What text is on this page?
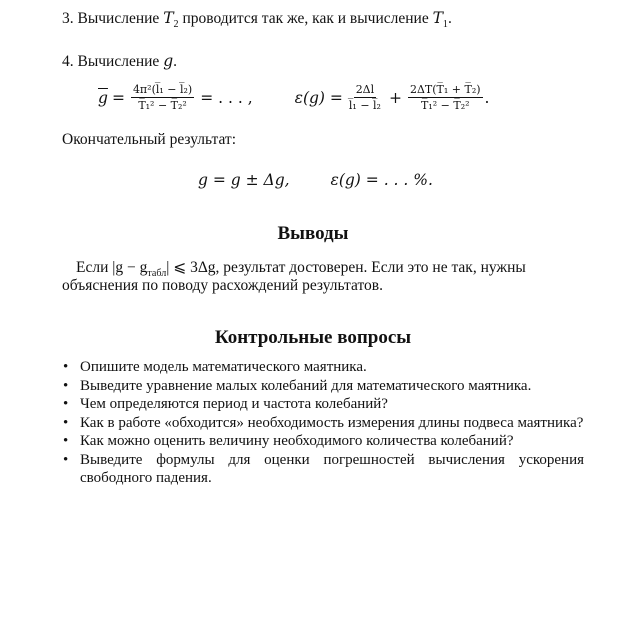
3. Вычисление $T_2$ проводится так же, как и вычисление $T_1$.
4. Вычисление g.
$\overline{g} = \frac{\text{4π²(l̅₁ − l̅₂)}}{\text{T̅₁² − T̅₂²}}$ = . . . ,	$\varepsilon(g) = \frac{2\Delta l}{\text{l̅₁ − l̅₂}} + \frac{\text{2ΔT(T̅₁ + T̅₂)}}{\text{T̅₁² − T̅₂²}}$ .
Окончательный результат:
g = g ± Δg,	ε(g) = . . . %.
Выводы
Если $|g - g_{табл}|$ ⩽ 3Δg, результат достоверен. Если это не так, нужны
объяснения по поводу расхождений результатов.
Контрольные вопросы
• Опишите модель математического маятника.
• Выведите уравнение малых колебаний для математического маятника.
• Чем определяются период и частота колебаний?
• Как в работе «обходится» необходимость измерения длины подвеса маятника?
• Как можно оценить величину необходимого количества колебаний?
• Выведите формулы для оценки погрешностей вычисления ускорения свободного падения.
